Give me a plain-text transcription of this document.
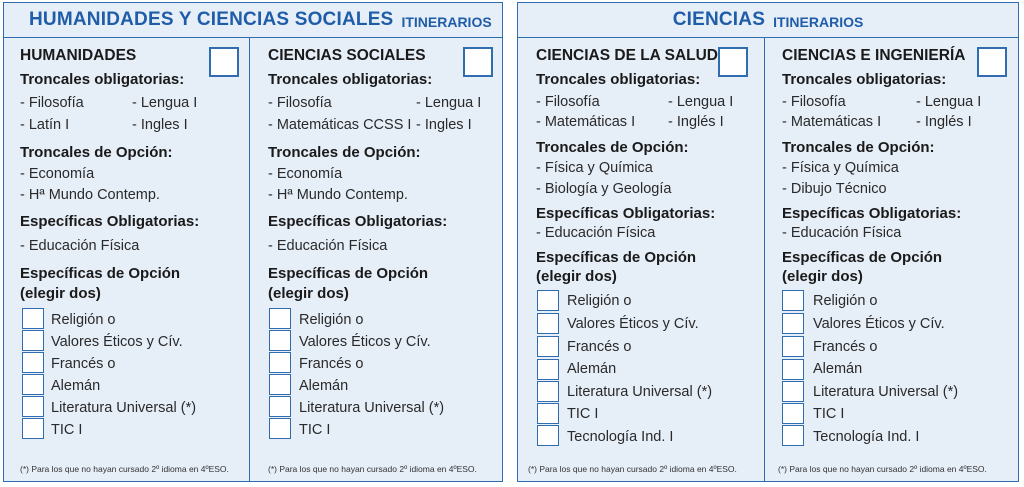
HUMANIDADES Y CIENCIAS SOCIALES ITINERARIOS
HUMANIDADES
Troncales obligatorias:
- Filosofía	- Lengua I
- Latín I	- Ingles I
Troncales de Opción:
- Economía
- Hª Mundo Contemp.
Específicas Obligatorias:
- Educación Física
Específicas de Opción
(elegir dos)
Religión o
Valores Éticos y Cív.
Francés o
Alemán
Literatura Universal (*)
TIC I
(*) Para los que no hayan cursado 2º idioma en 4ºESO.
CIENCIAS SOCIALES
Troncales obligatorias:
- Filosofía	- Lengua I
- Matemáticas CCSS I - Ingles I
Troncales de Opción:
- Economía
- Hª Mundo Contemp.
Específicas Obligatorias:
- Educación Física
Específicas de Opción
(elegir dos)
Religión o
Valores Éticos y Cív.
Francés o
Alemán
Literatura Universal (*)
TIC I
(*) Para los que no hayan cursado 2º idioma en 4ºESO.
CIENCIAS ITINERARIOS
CIENCIAS DE LA SALUD
Troncales obligatorias:
- Filosofía	- Lengua I
- Matemáticas I - Inglés I
Troncales de Opción:
- Física y Química
- Biología y Geología
Específicas Obligatorias:
- Educación Física
Específicas de Opción
(elegir dos)
Religión o
Valores Éticos y Cív.
Francés o
Alemán
Literatura Universal (*)
TIC I
Tecnología Ind. I
(*) Para los que no hayan cursado 2º idioma en 4ºESO.
CIENCIAS E INGENIERÍA
Troncales obligatorias:
- Filosofía	- Lengua I
- Matemáticas I - Inglés I
Troncales de Opción:
- Física y Química
- Dibujo Técnico
Específicas Obligatorias:
- Educación Física
Específicas de Opción
(elegir dos)
Religión o
Valores Éticos y Cív.
Francés o
Alemán
Literatura Universal (*)
TIC I
Tecnología Ind. I
(*) Para los que no hayan cursado 2º idioma en 4ºESO.
